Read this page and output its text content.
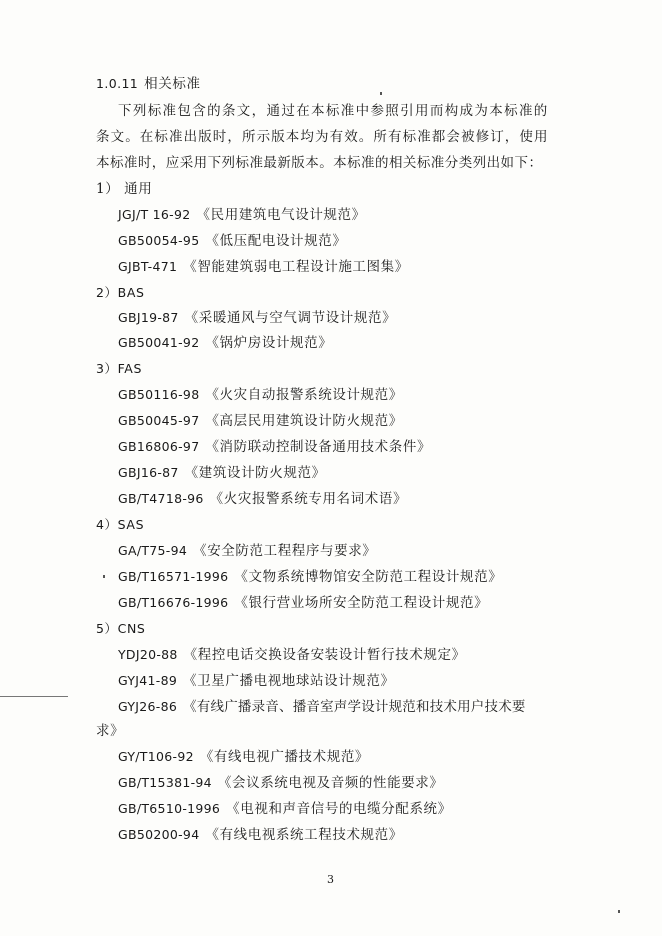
1.0.11 相关标准
下列标准包含的条文，通过在本标准中参照引用而构成为本标准的
条文。在标准出版时，所示版本均为有效。所有标准都会被修订，使用
本标准时，应采用下列标准最新版本。本标准的相关标准分类列出如下：
1） 通用
JGJ/T 16-92 《民用建筑电气设计规范》
GB50054-95 《低压配电设计规范》
GJBT-471 《智能建筑弱电工程设计施工图集》
2）BAS
GBJ19-87 《采暖通风与空气调节设计规范》
GB50041-92 《锅炉房设计规范》
3）FAS
GB50116-98 《火灾自动报警系统设计规范》
GB50045-97 《高层民用建筑设计防火规范》
GB16806-97 《消防联动控制设备通用技术条件》
GBJ16-87 《建筑设计防火规范》
GB/T4718-96 《火灾报警系统专用名词术语》
4）SAS
GA/T75-94 《安全防范工程程序与要求》
GB/T16571-1996 《文物系统博物馆安全防范工程设计规范》
GB/T16676-1996 《银行营业场所安全防范工程设计规范》
5）CNS
YDJ20-88 《程控电话交换设备安装设计暂行技术规定》
GYJ41-89 《卫星广播电视地球站设计规范》
GYJ26-86 《有线广播录音、播音室声学设计规范和技术用户技术要
求》
GY/T106-92 《有线电视广播技术规范》
GB/T15381-94 《会议系统电视及音频的性能要求》
GB/T6510-1996 《电视和声音信号的电缆分配系统》
GB50200-94 《有线电视系统工程技术规范》
3
